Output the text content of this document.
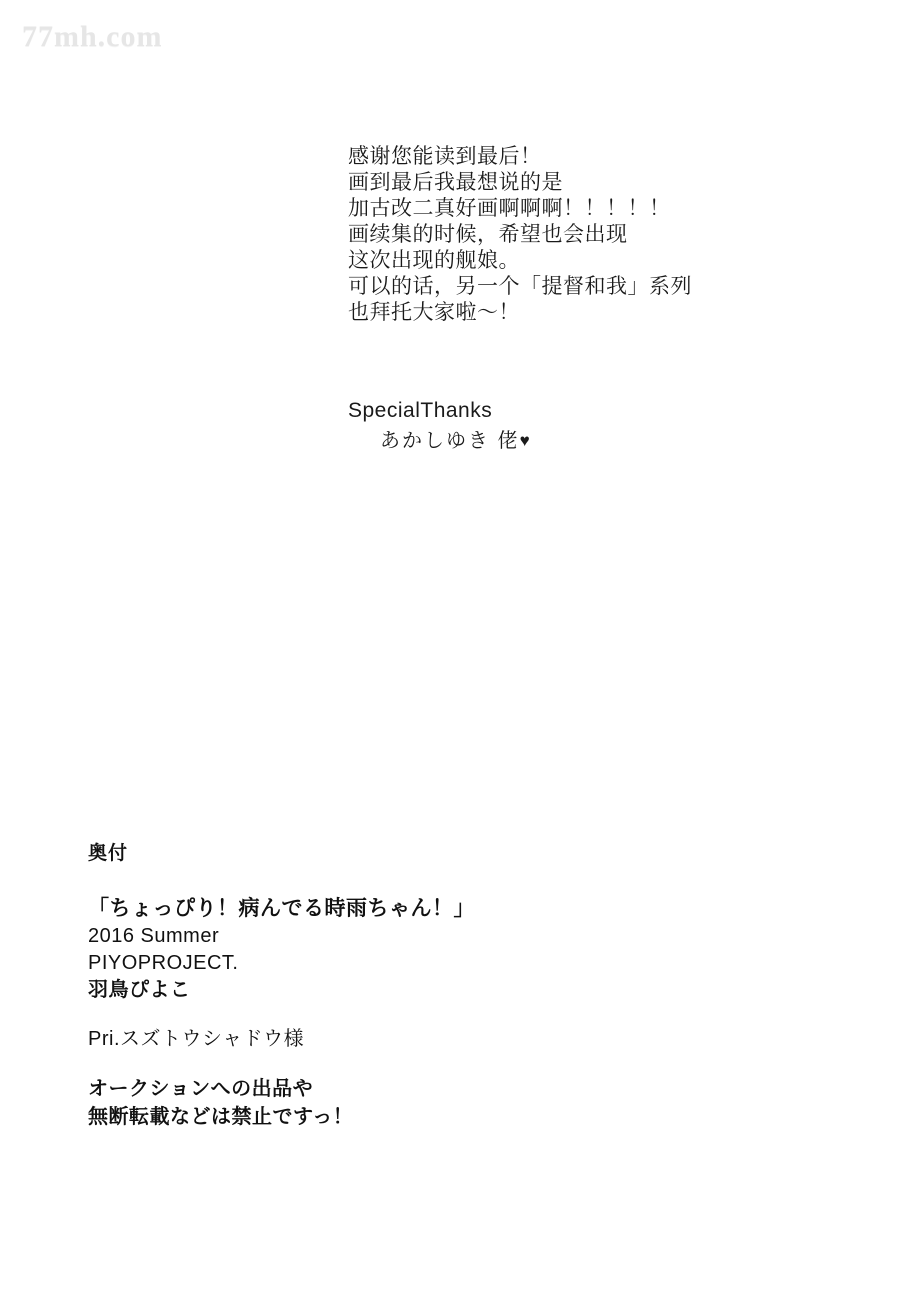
77mh.com
感谢您能读到最后！
画到最后我最想说的是
加古改二真好画啊啊啊！！！！！
画续集的时候，希望也会出现
这次出现的舰娘。
可以的话，另一个「提督和我」系列
也拜托大家啦～！
SpecialThanks
あかしゆき 佬♥
奥付
「ちょっぴり！病んでる時雨ちゃん！」
2016 Summer
PIYOPROJECT.
羽鳥ぴよこ
Pri.スズトウシャドウ様
オークションへの出品や
無断転載などは禁止ですっ！
